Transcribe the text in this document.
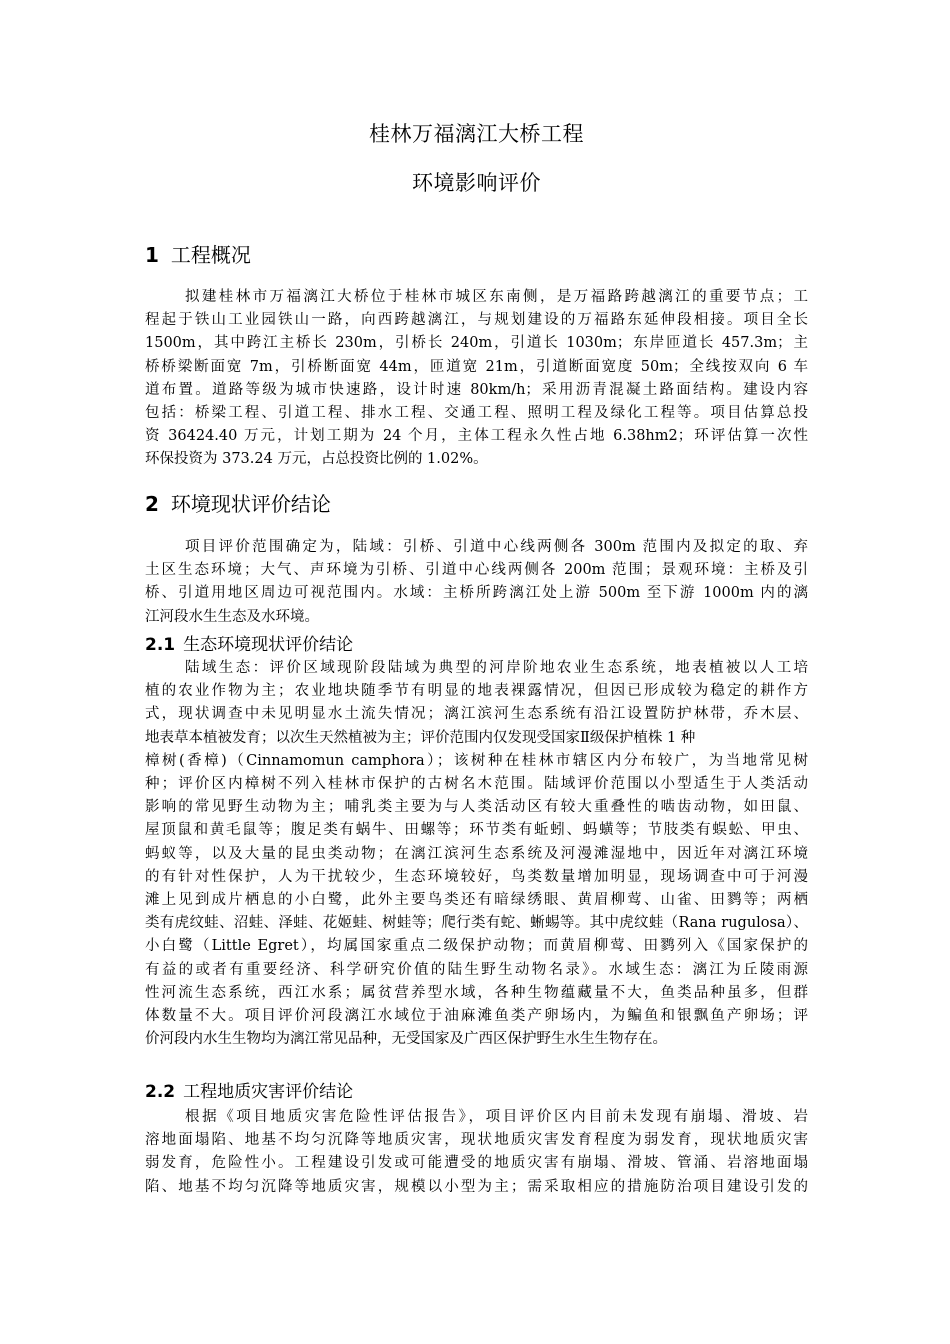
桂林万福漓江大桥工程
环境影响评价
1 工程概况
拟建桂林市万福漓江大桥位于桂林市城区东南侧，是万福路跨越漓江的重要节点；工
程起于铁山工业园铁山一路，向西跨越漓江，与规划建设的万福路东延伸段相接。项目全长
1500m，其中跨江主桥长 230m，引桥长 240m，引道长 1030m；东岸匝道长 457.3m；主
桥桥梁断面宽 7m，引桥断面宽 44m，匝道宽 21m，引道断面宽度 50m；全线按双向 6 车
道布置。道路等级为城市快速路，设计时速 80km/h；采用沥青混凝土路面结构。建设内容
包括：桥梁工程、引道工程、排水工程、交通工程、照明工程及绿化工程等。项目估算总投
资 36424.40 万元，计划工期为 24 个月，主体工程永久性占地 6.38hm2；环评估算一次性
环保投资为 373.24 万元，占总投资比例的 1.02%。
2 环境现状评价结论
项目评价范围确定为，陆域：引桥、引道中心线两侧各 300m 范围内及拟定的取、弃
土区生态环境；大气、声环境为引桥、引道中心线两侧各 200m 范围；景观环境：主桥及引
桥、引道用地区周边可视范围内。水域：主桥所跨漓江处上游 500m 至下游 1000m 内的漓
江河段水生生态及水环境。
2.1 生态环境现状评价结论
陆域生态：评价区域现阶段陆域为典型的河岸阶地农业生态系统，地表植被以人工培
植的农业作物为主；农业地块随季节有明显的地表裸露情况，但因已形成较为稳定的耕作方
式，现状调查中未见明显水土流失情况；漓江滨河生态系统有沿江设置防护林带，乔木层、
地表草本植被发育；以次生天然植被为主；评价范围内仅发现受国家Ⅱ级保护植株 1 种
樟树(香樟)（Cinnamomun camphora）；该树种在桂林市辖区内分布较广，为当地常见树
种；评价区内樟树不列入桂林市保护的古树名木范围。陆域评价范围以小型适生于人类活动
影响的常见野生动物为主；哺乳类主要为与人类活动区有较大重叠性的啮齿动物，如田鼠、
屋顶鼠和黄毛鼠等；腹足类有蜗牛、田螺等；环节类有蚯蚓、蚂蟥等；节肢类有蜈蚣、甲虫、
蚂蚁等，以及大量的昆虫类动物；在漓江滨河生态系统及河漫滩湿地中，因近年对漓江环境
的有针对性保护，人为干扰较少，生态环境较好，鸟类数量增加明显，现场调查中可于河漫
滩上见到成片栖息的小白鹭，此外主要鸟类还有暗绿绣眼、黄眉柳莺、山雀、田鹨等；两栖
类有虎纹蛙、沼蛙、泽蛙、花姬蛙、树蛙等；爬行类有蛇、蜥蜴等。其中虎纹蛙（Rana rugulosa）、
小白鹭（Little Egret），均属国家重点二级保护动物；而黄眉柳莺、田鹨列入《国家保护的
有益的或者有重要经济、科学研究价值的陆生野生动物名录》。水域生态：漓江为丘陵雨源
性河流生态系统，西江水系；属贫营养型水域，各种生物蕴藏量不大，鱼类品种虽多，但群
体数量不大。项目评价河段漓江水域位于油麻滩鱼类产卵场内，为鳊鱼和银飘鱼产卵场；评
价河段内水生生物均为漓江常见品种，无受国家及广西区保护野生水生生物存在。
2.2 工程地质灾害评价结论
根据《项目地质灾害危险性评估报告》，项目评价区内目前未发现有崩塌、滑坡、岩
溶地面塌陷、地基不均匀沉降等地质灾害，现状地质灾害发育程度为弱发育，现状地质灾害
弱发育，危险性小。工程建设引发或可能遭受的地质灾害有崩塌、滑坡、管涌、岩溶地面塌
陷、地基不均匀沉降等地质灾害，规模以小型为主；需采取相应的措施防治项目建设引发的
